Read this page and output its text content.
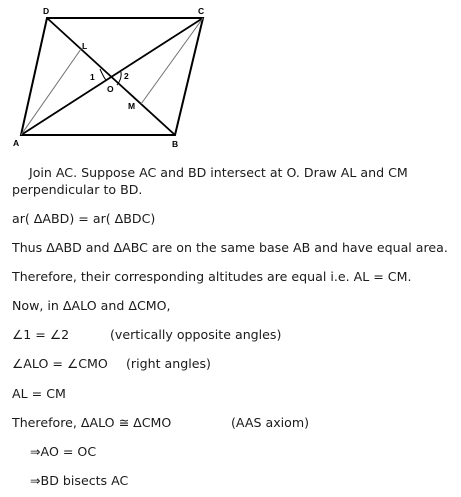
D	C
A	B
L
M
O
1	2
Join AC. Suppose AC and BD intersect at O. Draw AL and CM
perpendicular to BD.
ar( ΔABD) = ar( ΔBDC)
Thus ΔABD and ΔABC are on the same base AB and have equal area.
Therefore, their corresponding altitudes are equal i.e. AL = CM.
Now, in ΔALO and ΔCMO,
∠1 = ∠2	(vertically opposite angles)
∠ALO = ∠CMO (right angles)
AL = CM
Therefore, ΔALO ≅ ΔCMO	(AAS axiom)
⇒AO = OC
⇒BD bisects AC
